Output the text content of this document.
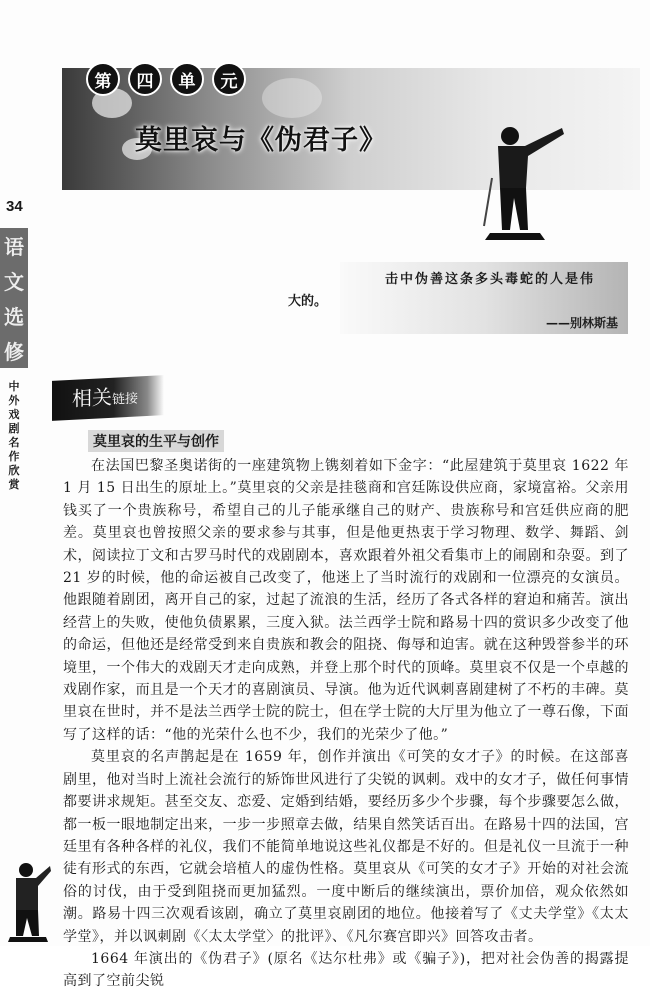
第	四	单	元
莫里哀与《伪君子》
34
语
文
选
修
中外戏剧名作欣赏
击中伪善这条多头毒蛇的人是伟
大的。
——别林斯基
相关链接
莫里哀的生平与创作

在法国巴黎圣奥诺街的一座建筑物上镌刻着如下金字：“此屋建筑于莫里哀 1622 年 1 月 15 日出生的原址上。”莫里哀的父亲是挂毯商和宫廷陈设供应商，家境富裕。父亲用钱买了一个贵族称号，希望自己的儿子能承继自己的财产、贵族称号和宫廷供应商的肥差。莫里哀也曾按照父亲的要求参与其事，但是他更热衷于学习物理、数学、舞蹈、剑术，阅读拉丁文和古罗马时代的戏剧剧本，喜欢跟着外祖父看集市上的闹剧和杂耍。到了 21 岁的时候，他的命运被自己改变了，他迷上了当时流行的戏剧和一位漂亮的女演员。他跟随着剧团，离开自己的家，过起了流浪的生活，经历了各式各样的窘迫和痛苦。演出经营上的失败，使他负债累累，三度入狱。法兰西学士院和路易十四的赏识多少改变了他的命运，但他还是经常受到来自贵族和教会的阻挠、侮辱和迫害。就在这种毁誉参半的环境里，一个伟大的戏剧天才走向成熟，并登上那个时代的顶峰。莫里哀不仅是一个卓越的戏剧作家，而且是一个天才的喜剧演员、导演。他为近代讽刺喜剧建树了不朽的丰碑。莫里哀在世时，并不是法兰西学士院的院士，但在学士院的大厅里为他立了一尊石像，下面写了这样的话：“他的光荣什么也不少，我们的光荣少了他。”

莫里哀的名声鹊起是在 1659 年，创作并演出《可笑的女才子》的时候。在这部喜剧里，他对当时上流社会流行的矫饰世风进行了尖锐的讽刺。戏中的女才子，做任何事情都要讲求规矩。甚至交友、恋爱、定婚到结婚，要经历多少个步骤，每个步骤要怎么做，都一板一眼地制定出来，一步一步照章去做，结果自然笑话百出。在路易十四的法国，宫廷里有各种各样的礼仪，我们不能简单地说这些礼仪都是不好的。但是礼仪一旦流于一种徒有形式的东西，它就会培植人的虚伪性格。莫里哀从《可笑的女才子》开始的对社会流俗的讨伐，由于受到阻挠而更加猛烈。一度中断后的继续演出，票价加倍，观众依然如潮。路易十四三次观看该剧，确立了莫里哀剧团的地位。他接着写了《丈夫学堂》《太太学堂》，并以讽刺剧《〈太太学堂〉的批评》、《凡尔赛宫即兴》回答攻击者。

1664 年演出的《伪君子》(原名《达尔杜弗》或《骗子》)，把对社会伪善的揭露提高到了空前尖锐
